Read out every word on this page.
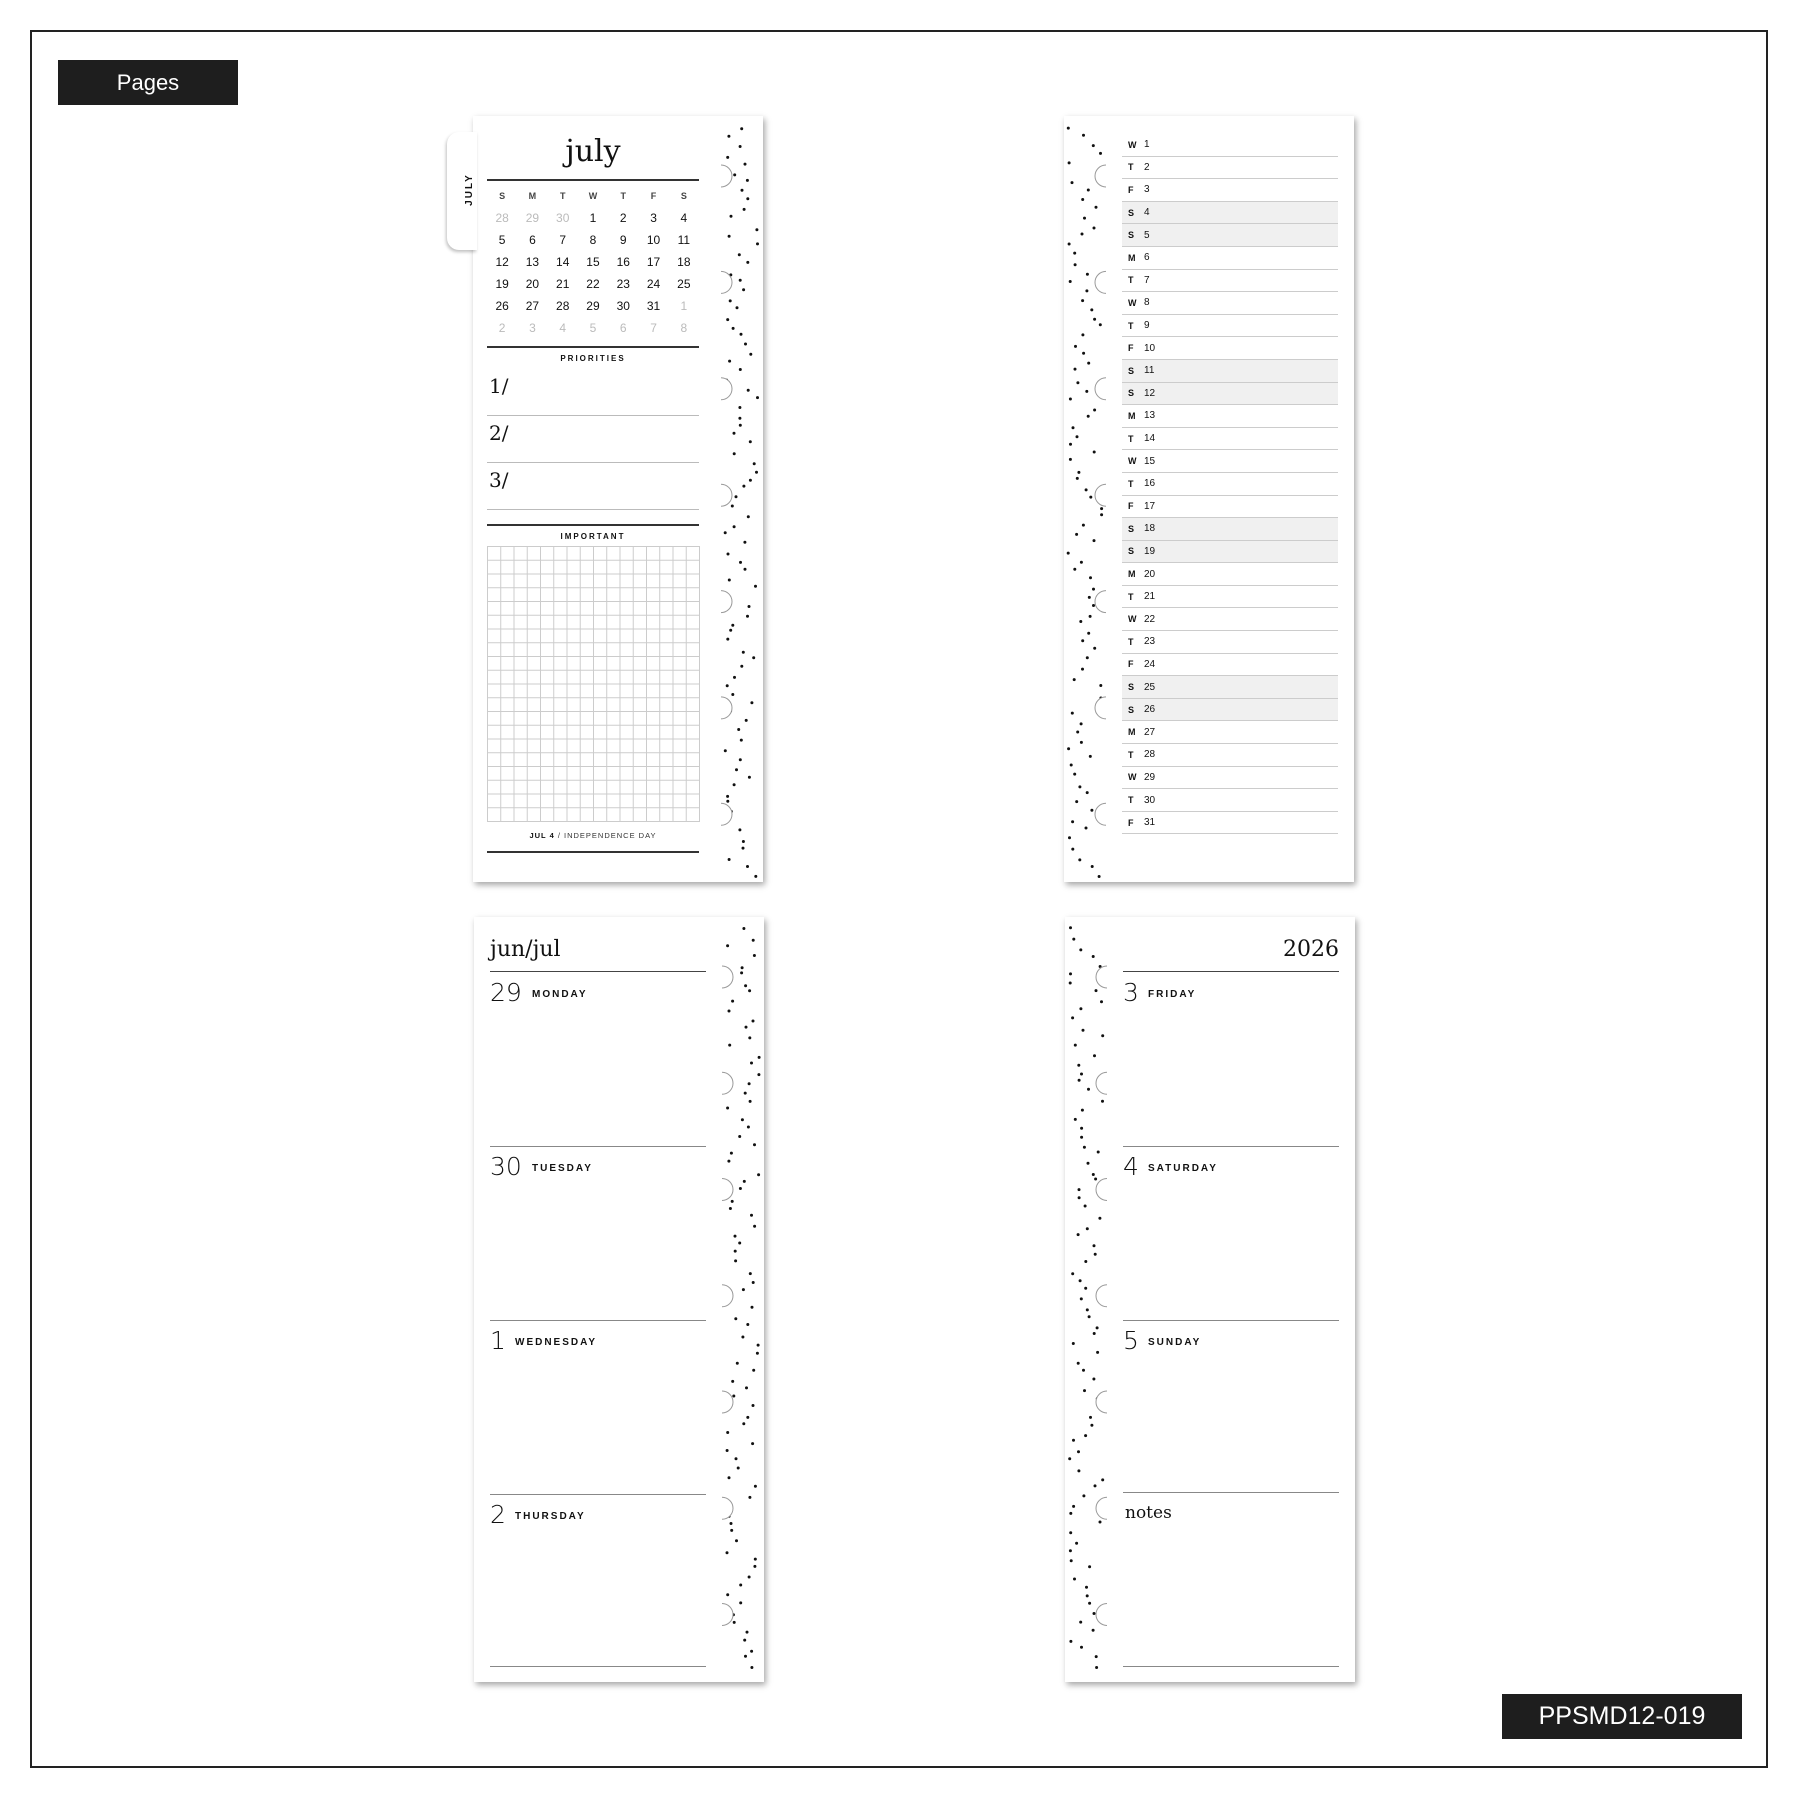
Pages
PPSMD12-019
JULY
july
S	M	T	W	T	F	S
28	29	30	1	2	3	4
5	6	7	8	9	10	11
12	13	14	15	16	17	18
19	20	21	22	23	24	25
26	27	28	29	30	31	1
2	3	4	5	6	7	8
PRIORITIES
1/
2/
3/
IMPORTANT
JUL 4 / INDEPENDENCE DAY
W 1
T	2
F	3
S 4
S 5
M 6
T	7
W 8
T	9
F	10
S 11
S 12
M 13
T	14
W 15
T	16
F	17
S 18
S 19
M 20
T	21
W 22
T	23
F	24
S 25
S 26
M 27
T	28
W 29
T	30
F	31
jun/jul
29 MONDAY
30 TUESDAY
1 WEDNESDAY
2 THURSDAY
2026
3 FRIDAY
4 SATURDAY
5 SUNDAY
notes
